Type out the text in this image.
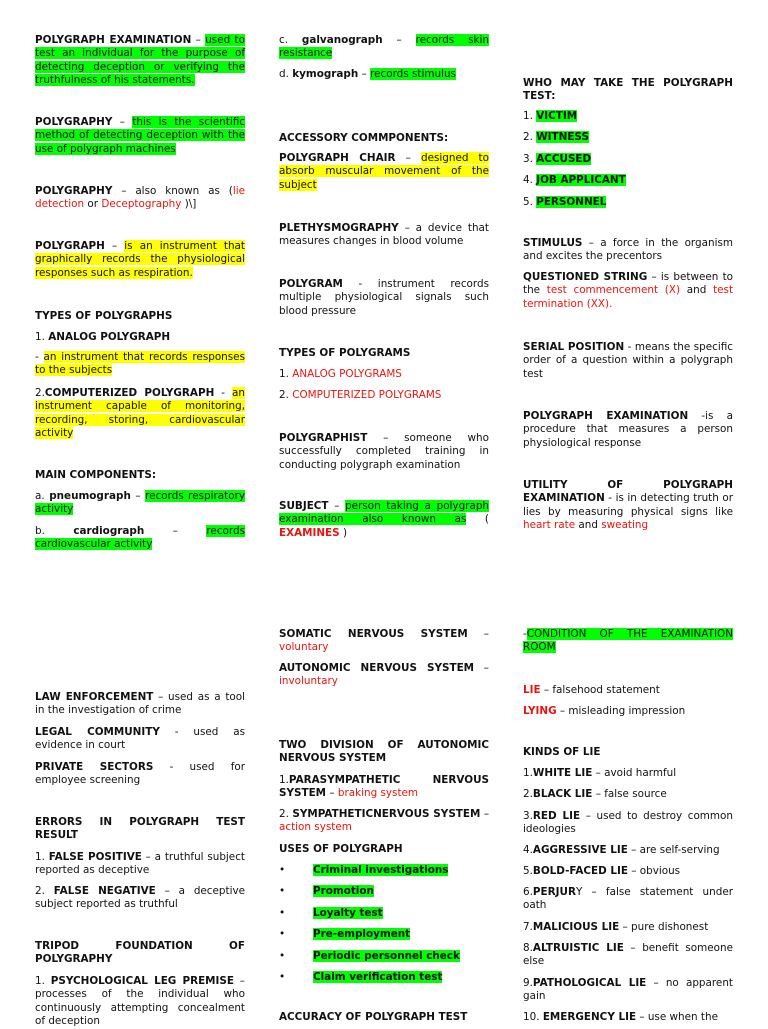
POLYGRAPH EXAMINATION – used to test an individual for the purpose of detecting deception or verifying the truthfulness of his statements.

POLYGRAPHY – this is the scientific method of detecting deception with the use of polygraph machines

POLYGRAPHY – also known as (lie detection or Deceptography )\]

POLYGRAPH – is an instrument that graphically records the physiological responses such as respiration.

TYPES OF POLYGRAPHS

1. ANALOG POLYGRAPH

- an instrument that records responses to the subjects

2.COMPUTERIZED POLYGRAPH - an instrument capable of monitoring, recording, storing, cardiovascular activity

MAIN COMPONENTS:

a. pneumograph – records respiratory activity

b. cardiograph – records cardiovascular activity

LAW ENFORCEMENT – used as a tool in the investigation of crime

LEGAL COMMUNITY - used as evidence in court

PRIVATE SECTORS - used for employee screening

ERRORS IN POLYGRAPH TEST RESULT

1. FALSE POSITIVE – a truthful subject reported as deceptive

2. FALSE NEGATIVE – a deceptive subject reported as truthful

TRIPOD FOUNDATION OF POLYGRAPHY

1. PSYCHOLOGICAL LEG PREMISE – processes of the individual who continuously attempting concealment of deception

c. galvanograph – records skin resistance

d. kymograph – records stimulus

ACCESSORY COMMPONENTS:

POLYGRAPH CHAIR – designed to absorb muscular movement of the subject

PLETHYSMOGRAPHY – a device that measures changes in blood volume

POLYGRAM - instrument records multiple physiological signals such blood pressure

TYPES OF POLYGRAMS

1. ANALOG POLYGRAMS

2. COMPUTERIZED POLYGRAMS

POLYGRAPHIST – someone who successfully completed training in conducting polygraph examination

SUBJECT – person taking a polygraph examination also known as ( EXAMINES )

SOMATIC NERVOUS SYSTEM – voluntary

AUTONOMIC NERVOUS SYSTEM – involuntary

TWO DIVISION OF AUTONOMIC NERVOUS SYSTEM

1.PARASYMPATHETIC NERVOUS SYSTEM – braking system

2. SYMPATHETICNERVOUS SYSTEM – action system

USES OF POLYGRAPH

•	Criminal investigations

•	Promotion

•	Loyalty test

•	Pre-employment

•	Periodic personnel check

•	Claim verification test

ACCURACY OF POLYGRAPH TEST

WHO MAY TAKE THE POLYGRAPH TEST:

1. VICTIM

2. WITNESS

3. ACCUSED

4. JOB APPLICANT

5. PERSONNEL

STIMULUS – a force in the organism and excites the precentors

QUESTIONED STRING – is between to the test commencement (X) and test termination (XX).

SERIAL POSITION - means the specific order of a question within a polygraph test

POLYGRAPH EXAMINATION -is a procedure that measures a person physiological response

UTILITY OF POLYGRAPH EXAMINATION - is in detecting truth or lies by measuring physical signs like heart rate and sweating

-CONDITION OF THE EXAMINATION ROOM

LIE – falsehood statement

LYING – misleading impression

KINDS OF LIE

1.WHITE LIE – avoid harmful

2.BLACK LIE – false source

3.RED LIE – used to destroy common ideologies

4.AGGRESSIVE LIE – are self-serving

5.BOLD-FACED LIE – obvious

6.PERJURY – false statement under oath

7.MALICIOUS LIE – pure dishonest

8.ALTRUISTIC LIE – benefit someone else

9.PATHOLOGICAL LIE – no apparent gain

10. EMERGENCY LIE – use when the
